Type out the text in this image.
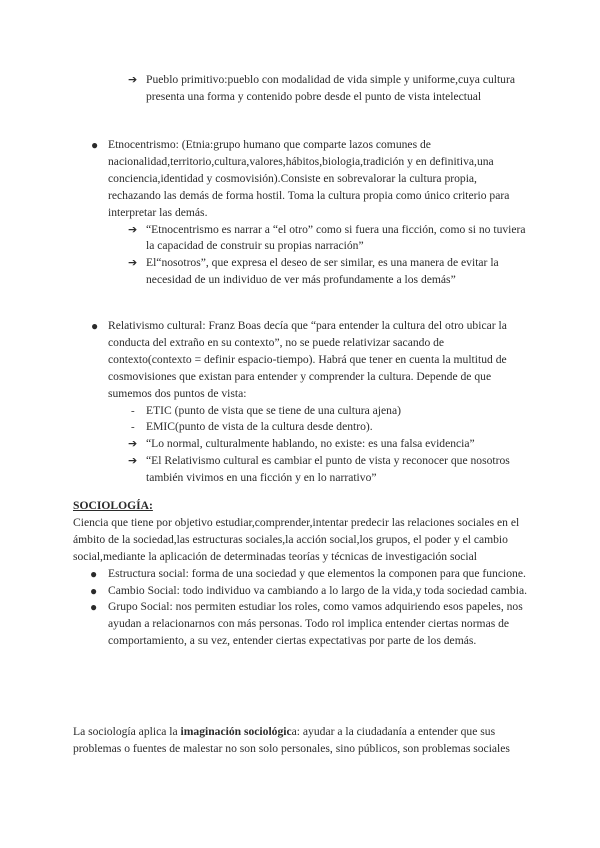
➔ Pueblo primitivo:pueblo con modalidad de vida simple y uniforme,cuya cultura presenta una forma y contenido pobre desde el punto de vista intelectual
● Etnocentrismo: (Etnia:grupo humano que comparte lazos comunes de nacionalidad,territorio,cultura,valores,hábitos,biologia,tradición y en definitiva,una conciencia,identidad y cosmovisión).Consiste en sobrevalorar la cultura propia, rechazando las demás de forma hostil. Toma la cultura propia como único criterio para interpretar las demás.
➔ “Etnocentrismo es narrar a “el otro” como si fuera una ficción, como si no tuviera la capacidad de construir su propias narración”
➔ El“nosotros”, que expresa el deseo de ser similar, es una manera de evitar la necesidad de un individuo de ver más profundamente a los demás”
● Relativismo cultural: Franz Boas decía que “para entender la cultura del otro ubicar la conducta del extraño en su contexto”, no se puede relativizar sacando de contexto(contexto = definir espacio-tiempo). Habrá que tener en cuenta la multitud de cosmovisiones que existan para entender y comprender la cultura. Depende de que sumemos dos puntos de vista:
- ETIC (punto de vista que se tiene de una cultura ajena)
- EMIC(punto de vista de la cultura desde dentro).
➔ “Lo normal, culturalmente hablando, no existe: es una falsa evidencia”
➔ “El Relativismo cultural es cambiar el punto de vista y reconocer que nosotros también vivimos en una ficción y en lo narrativo”
SOCIOLOGÍA:
Ciencia que tiene por objetivo estudiar,comprender,intentar predecir las relaciones sociales en el ámbito de la sociedad,las estructuras sociales,la acción social,los grupos, el poder y el cambio social,mediante la aplicación de determinadas teorías y técnicas de investigación social
● Estructura social: forma de una sociedad y que elementos la componen para que funcione.
● Cambio Social: todo individuo va cambiando a lo largo de la vida,y toda sociedad cambia.
● Grupo Social: nos permiten estudiar los roles, como vamos adquiriendo esos papeles, nos ayudan a relacionarnos con más personas. Todo rol implica entender ciertas normas de comportamiento, a su vez, entender ciertas expectativas por parte de los demás.
La sociología aplica la imaginación sociológica: ayudar a la ciudadanía a entender que sus problemas o fuentes de malestar no son solo personales, sino públicos, son problemas sociales
